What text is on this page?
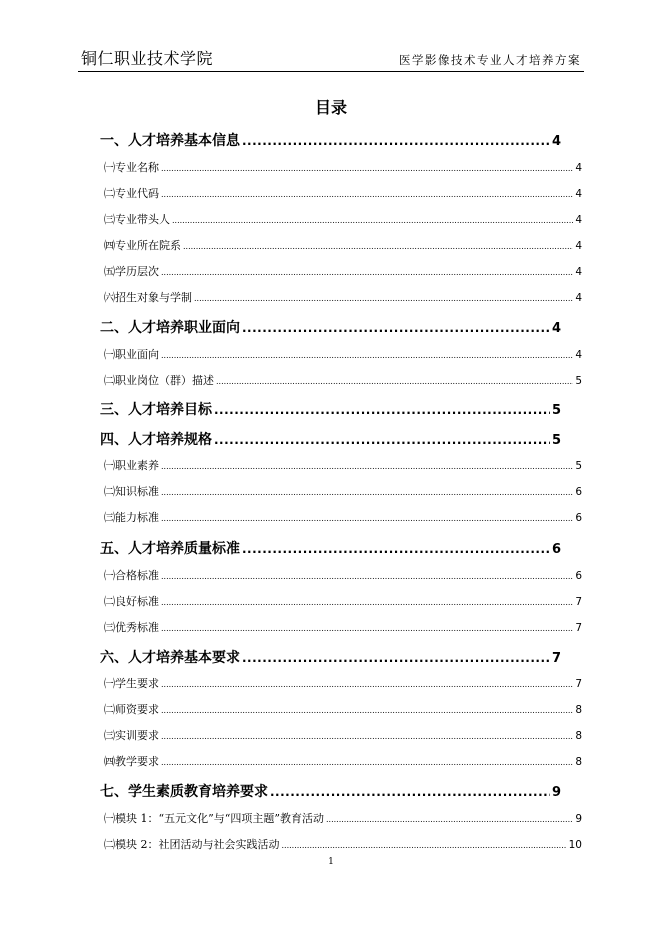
铜仁职业技术学院	医学影像技术专业人才培养方案
目录
一、人才培养基本信息 .....	4
㈠专业名称 .....	4
㈡专业代码 .....	4
㈢专业带头人 .....	4
㈣专业所在院系 .....	4
㈤学历层次 .....	4
㈥招生对象与学制 .....	4
二、人才培养职业面向 .....	4
㈠职业面向 .....	4
㈡职业岗位（群）描述 .....	5
三、人才培养目标 .....	5
四、人才培养规格 .....	5
㈠职业素养 .....	5
㈡知识标准 .....	6
㈢能力标准 .....	6
五、人才培养质量标准 .....	6
㈠合格标准 .....	6
㈡良好标准 .....	7
㈢优秀标准 .....	7
六、人才培养基本要求 .....	7
㈠学生要求 .....	7
㈡师资要求 .....	8
㈢实训要求 .....	8
㈣教学要求 .....	8
七、学生素质教育培养要求 .....	9
㈠模块 1：“五元文化”与“四项主题”教育活动 .....	9
㈡模块 2：社团活动与社会实践活动 .....	10
1
